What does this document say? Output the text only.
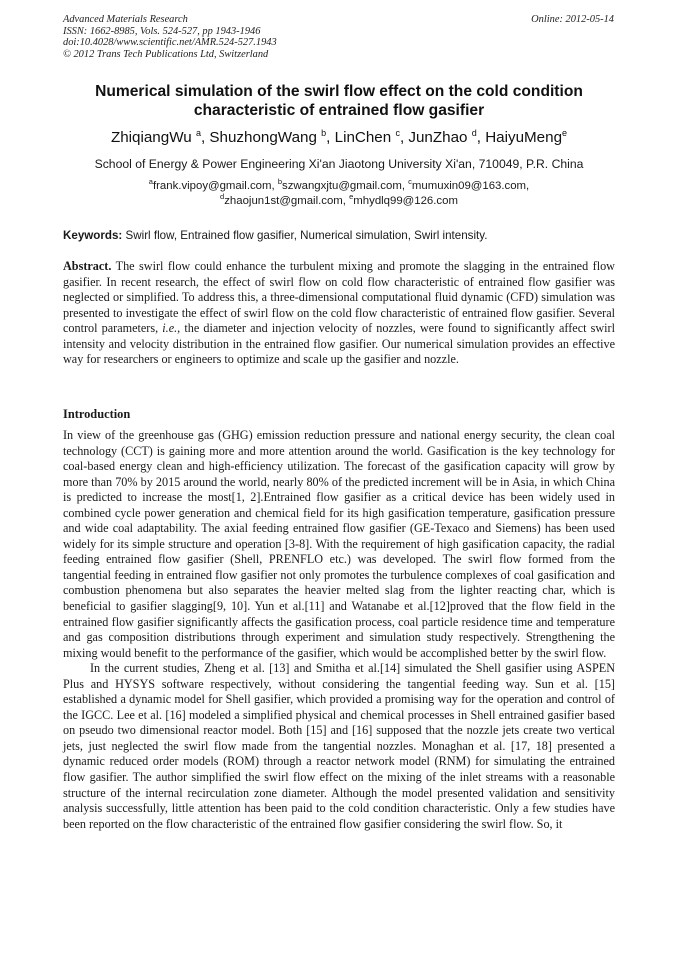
Advanced Materials Research
ISSN: 1662-8985, Vols. 524-527, pp 1943-1946
doi:10.4028/www.scientific.net/AMR.524-527.1943
© 2012 Trans Tech Publications Ltd, Switzerland
Online: 2012-05-14
Numerical simulation of the swirl flow effect on the cold condition characteristic of entrained flow gasifier
ZhiqiangWu $^a$, ShuzhongWang $^b$, LinChen $^c$, JunZhao $^d$, HaiyuMeng$^e$
School of Energy & Power Engineering Xi'an Jiaotong University Xi'an, 710049, P.R. China
$^a$frank.vipoy@gmail.com, $^b$szwangxjtu@gmail.com, $^c$mumuxin09@163.com,
$^d$zhaojun1st@gmail.com, $^e$mhydlq99@126.com
Keywords: Swirl flow, Entrained flow gasifier, Numerical simulation, Swirl intensity.
Abstract. The swirl flow could enhance the turbulent mixing and promote the slagging in the entrained flow gasifier. In recent research, the effect of swirl flow on cold flow characteristic of entrained flow gasifier was neglected or simplified. To address this, a three-dimensional computational fluid dynamic (CFD) simulation was presented to investigate the effect of swirl flow on the cold flow characteristic of entrained flow gasifier. Several control parameters, i.e., the diameter and injection velocity of nozzles, were found to significantly affect swirl intensity and velocity distribution in the entrained flow gasifier. Our numerical simulation provides an effective way for researchers or engineers to optimize and scale up the gasifier and nozzle.
Introduction

In view of the greenhouse gas (GHG) emission reduction pressure and national energy security, the clean coal technology (CCT) is gaining more and more attention around the world. Gasification is the key technology for coal-based energy clean and high-efficiency utilization. The forecast of the gasification capacity will grow by more than 70% by 2015 around the world, nearly 80% of the predicted increment will be in Asia, in which China is predicted to increase the most[1, 2].Entrained flow gasifier as a critical device has been widely used in combined cycle power generation and chemical field for its high gasification temperature, gasification pressure and wide coal adaptability. The axial feeding entrained flow gasifier (GE-Texaco and Siemens) has been used widely for its simple structure and operation [3-8]. With the requirement of high gasification capacity, the radial feeding entrained flow gasifier (Shell, PRENFLO etc.) was developed. The swirl flow formed from the tangential feeding in entrained flow gasifier not only promotes the turbulence complexes of coal gasification and combustion phenomena but also separates the heavier melted slag from the lighter reacting char, which is beneficial to gasifier slagging[9, 10]. Yun et al.[11] and Watanabe et al.[12]proved that the flow field in the entrained flow gasifier significantly affects the gasification process, coal particle residence time and temperature and gas composition distributions through experiment and simulation study respectively. Strengthening the mixing would benefit to the performance of the gasifier, which would be accomplished better by the swirl flow.

In the current studies, Zheng et al. [13] and Smitha et al.[14] simulated the Shell gasifier using ASPEN Plus and HYSYS software respectively, without considering the tangential feeding way. Sun et al. [15] established a dynamic model for Shell gasifier, which provided a promising way for the operation and control of the IGCC. Lee et al. [16] modeled a simplified physical and chemical processes in Shell entrained gasifier based on pseudo two dimensional reactor model. Both [15] and [16] supposed that the nozzle jets create two vertical jets, just neglected the swirl flow made from the tangential nozzles. Monaghan et al. [17, 18] presented a dynamic reduced order models (ROM) through a reactor network model (RNM) for simulating the entrained flow gasifier. The author simplified the swirl flow effect on the mixing of the inlet streams with a reasonable structure of the internal recirculation zone diameter. Although the model presented validation and sensitivity analysis successfully, little attention has been paid to the cold condition characteristic. Only a few studies have been reported on the flow characteristic of the entrained flow gasifier considering the swirl flow. So, it
